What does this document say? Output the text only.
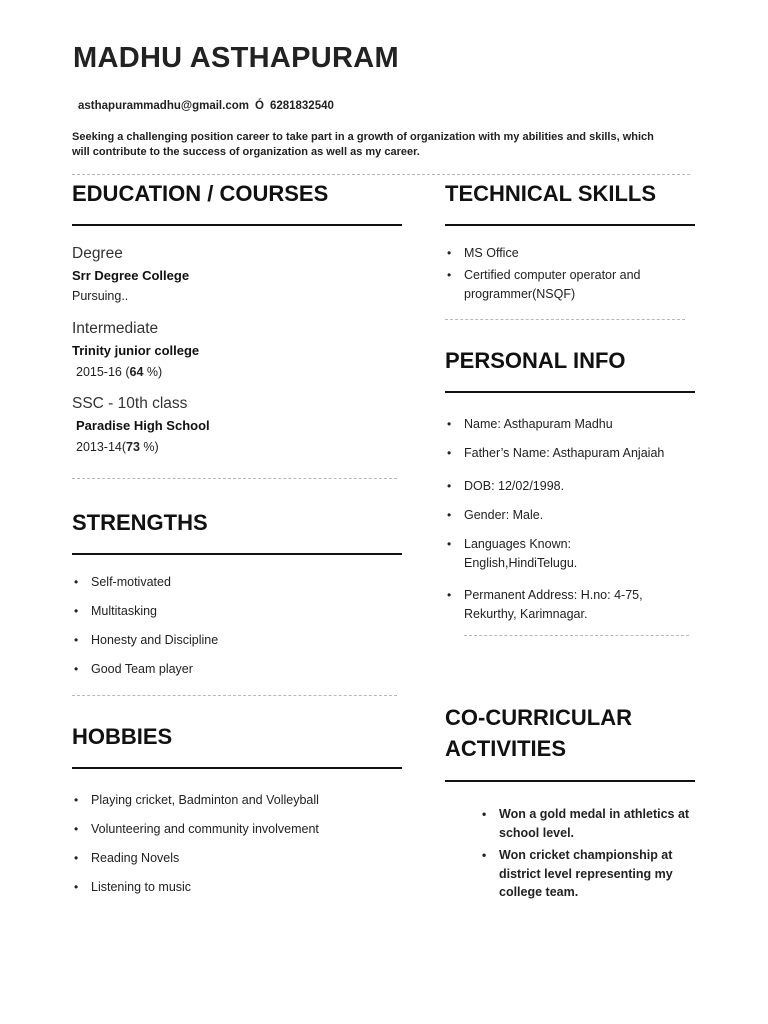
MADHU ASTHAPURAM
asthapurammadhu@gmail.com Ó 6281832540
Seeking a challenging position career to take part in a growth of organization with my abilities and skills, which will contribute to the success of organization as well as my career.
EDUCATION / COURSES
Degree
Srr Degree College
Pursuing..
Intermediate
Trinity junior college
2015-16 (64 %)
SSC - 10th class
Paradise High School
2013-14(73 %)
STRENGTHS
• Self-motivated
• Multitasking
• Honesty and Discipline
• Good Team player
HOBBIES
• Playing cricket, Badminton and Volleyball
• Volunteering and community involvement
• Reading Novels
• Listening to music
TECHNICAL SKILLS
• MS Office
• Certified computer operator and programmer(NSQF)
PERSONAL INFO
• Name: Asthapuram Madhu
• Father’s Name: Asthapuram Anjaiah
• DOB: 12/02/1998.
• Gender: Male.
• Languages Known: English,HindiTelugu.
• Permanent Address: H.no: 4-75, Rekurthy, Karimnagar.
CO-CURRICULAR ACTIVITIES
• Won a gold medal in athletics at school level.
• Won cricket championship at district level representing my college team.
